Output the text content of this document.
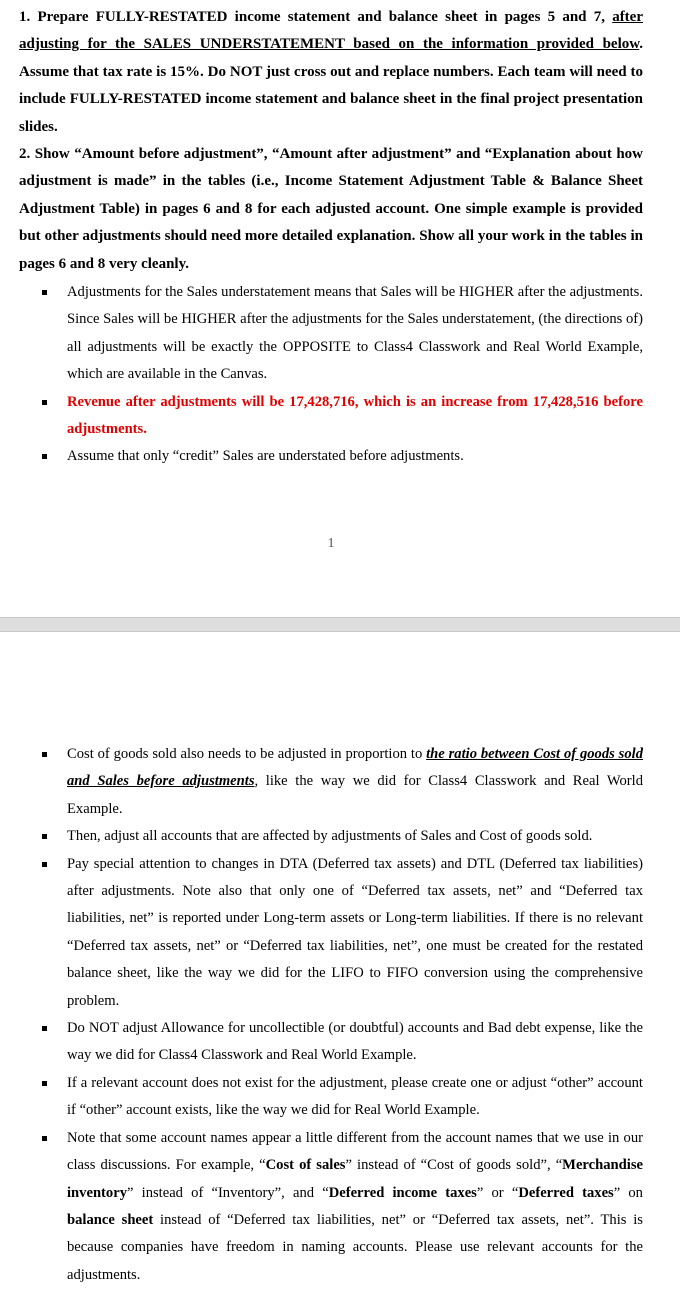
1. Prepare FULLY-RESTATED income statement and balance sheet in pages 5 and 7, after adjusting for the SALES UNDERSTATEMENT based on the information provided below. Assume that tax rate is 15%. Do NOT just cross out and replace numbers. Each team will need to include FULLY-RESTATED income statement and balance sheet in the final project presentation slides.
2. Show “Amount before adjustment”, “Amount after adjustment” and “Explanation about how adjustment is made” in the tables (i.e., Income Statement Adjustment Table & Balance Sheet Adjustment Table) in pages 6 and 8 for each adjusted account. One simple example is provided but other adjustments should need more detailed explanation. Show all your work in the tables in pages 6 and 8 very cleanly.
Adjustments for the Sales understatement means that Sales will be HIGHER after the adjustments. Since Sales will be HIGHER after the adjustments for the Sales understatement, (the directions of) all adjustments will be exactly the OPPOSITE to Class4 Classwork and Real World Example, which are available in the Canvas.
Revenue after adjustments will be 17,428,716, which is an increase from 17,428,516 before adjustments.
Assume that only “credit” Sales are understated before adjustments.
1
Cost of goods sold also needs to be adjusted in proportion to the ratio between Cost of goods sold and Sales before adjustments, like the way we did for Class4 Classwork and Real World Example.
Then, adjust all accounts that are affected by adjustments of Sales and Cost of goods sold.
Pay special attention to changes in DTA (Deferred tax assets) and DTL (Deferred tax liabilities) after adjustments. Note also that only one of “Deferred tax assets, net” and “Deferred tax liabilities, net” is reported under Long-term assets or Long-term liabilities. If there is no relevant “Deferred tax assets, net” or “Deferred tax liabilities, net”, one must be created for the restated balance sheet, like the way we did for the LIFO to FIFO conversion using the comprehensive problem.
Do NOT adjust Allowance for uncollectible (or doubtful) accounts and Bad debt expense, like the way we did for Class4 Classwork and Real World Example.
If a relevant account does not exist for the adjustment, please create one or adjust “other” account if “other” account exists, like the way we did for Real World Example.
Note that some account names appear a little different from the account names that we use in our class discussions. For example, “Cost of sales” instead of “Cost of goods sold”, “Merchandise inventory” instead of “Inventory”, and “Deferred income taxes” or “Deferred taxes” on balance sheet instead of “Deferred tax liabilities, net” or “Deferred tax assets, net”. This is because companies have freedom in naming accounts. Please use relevant accounts for the adjustments.
